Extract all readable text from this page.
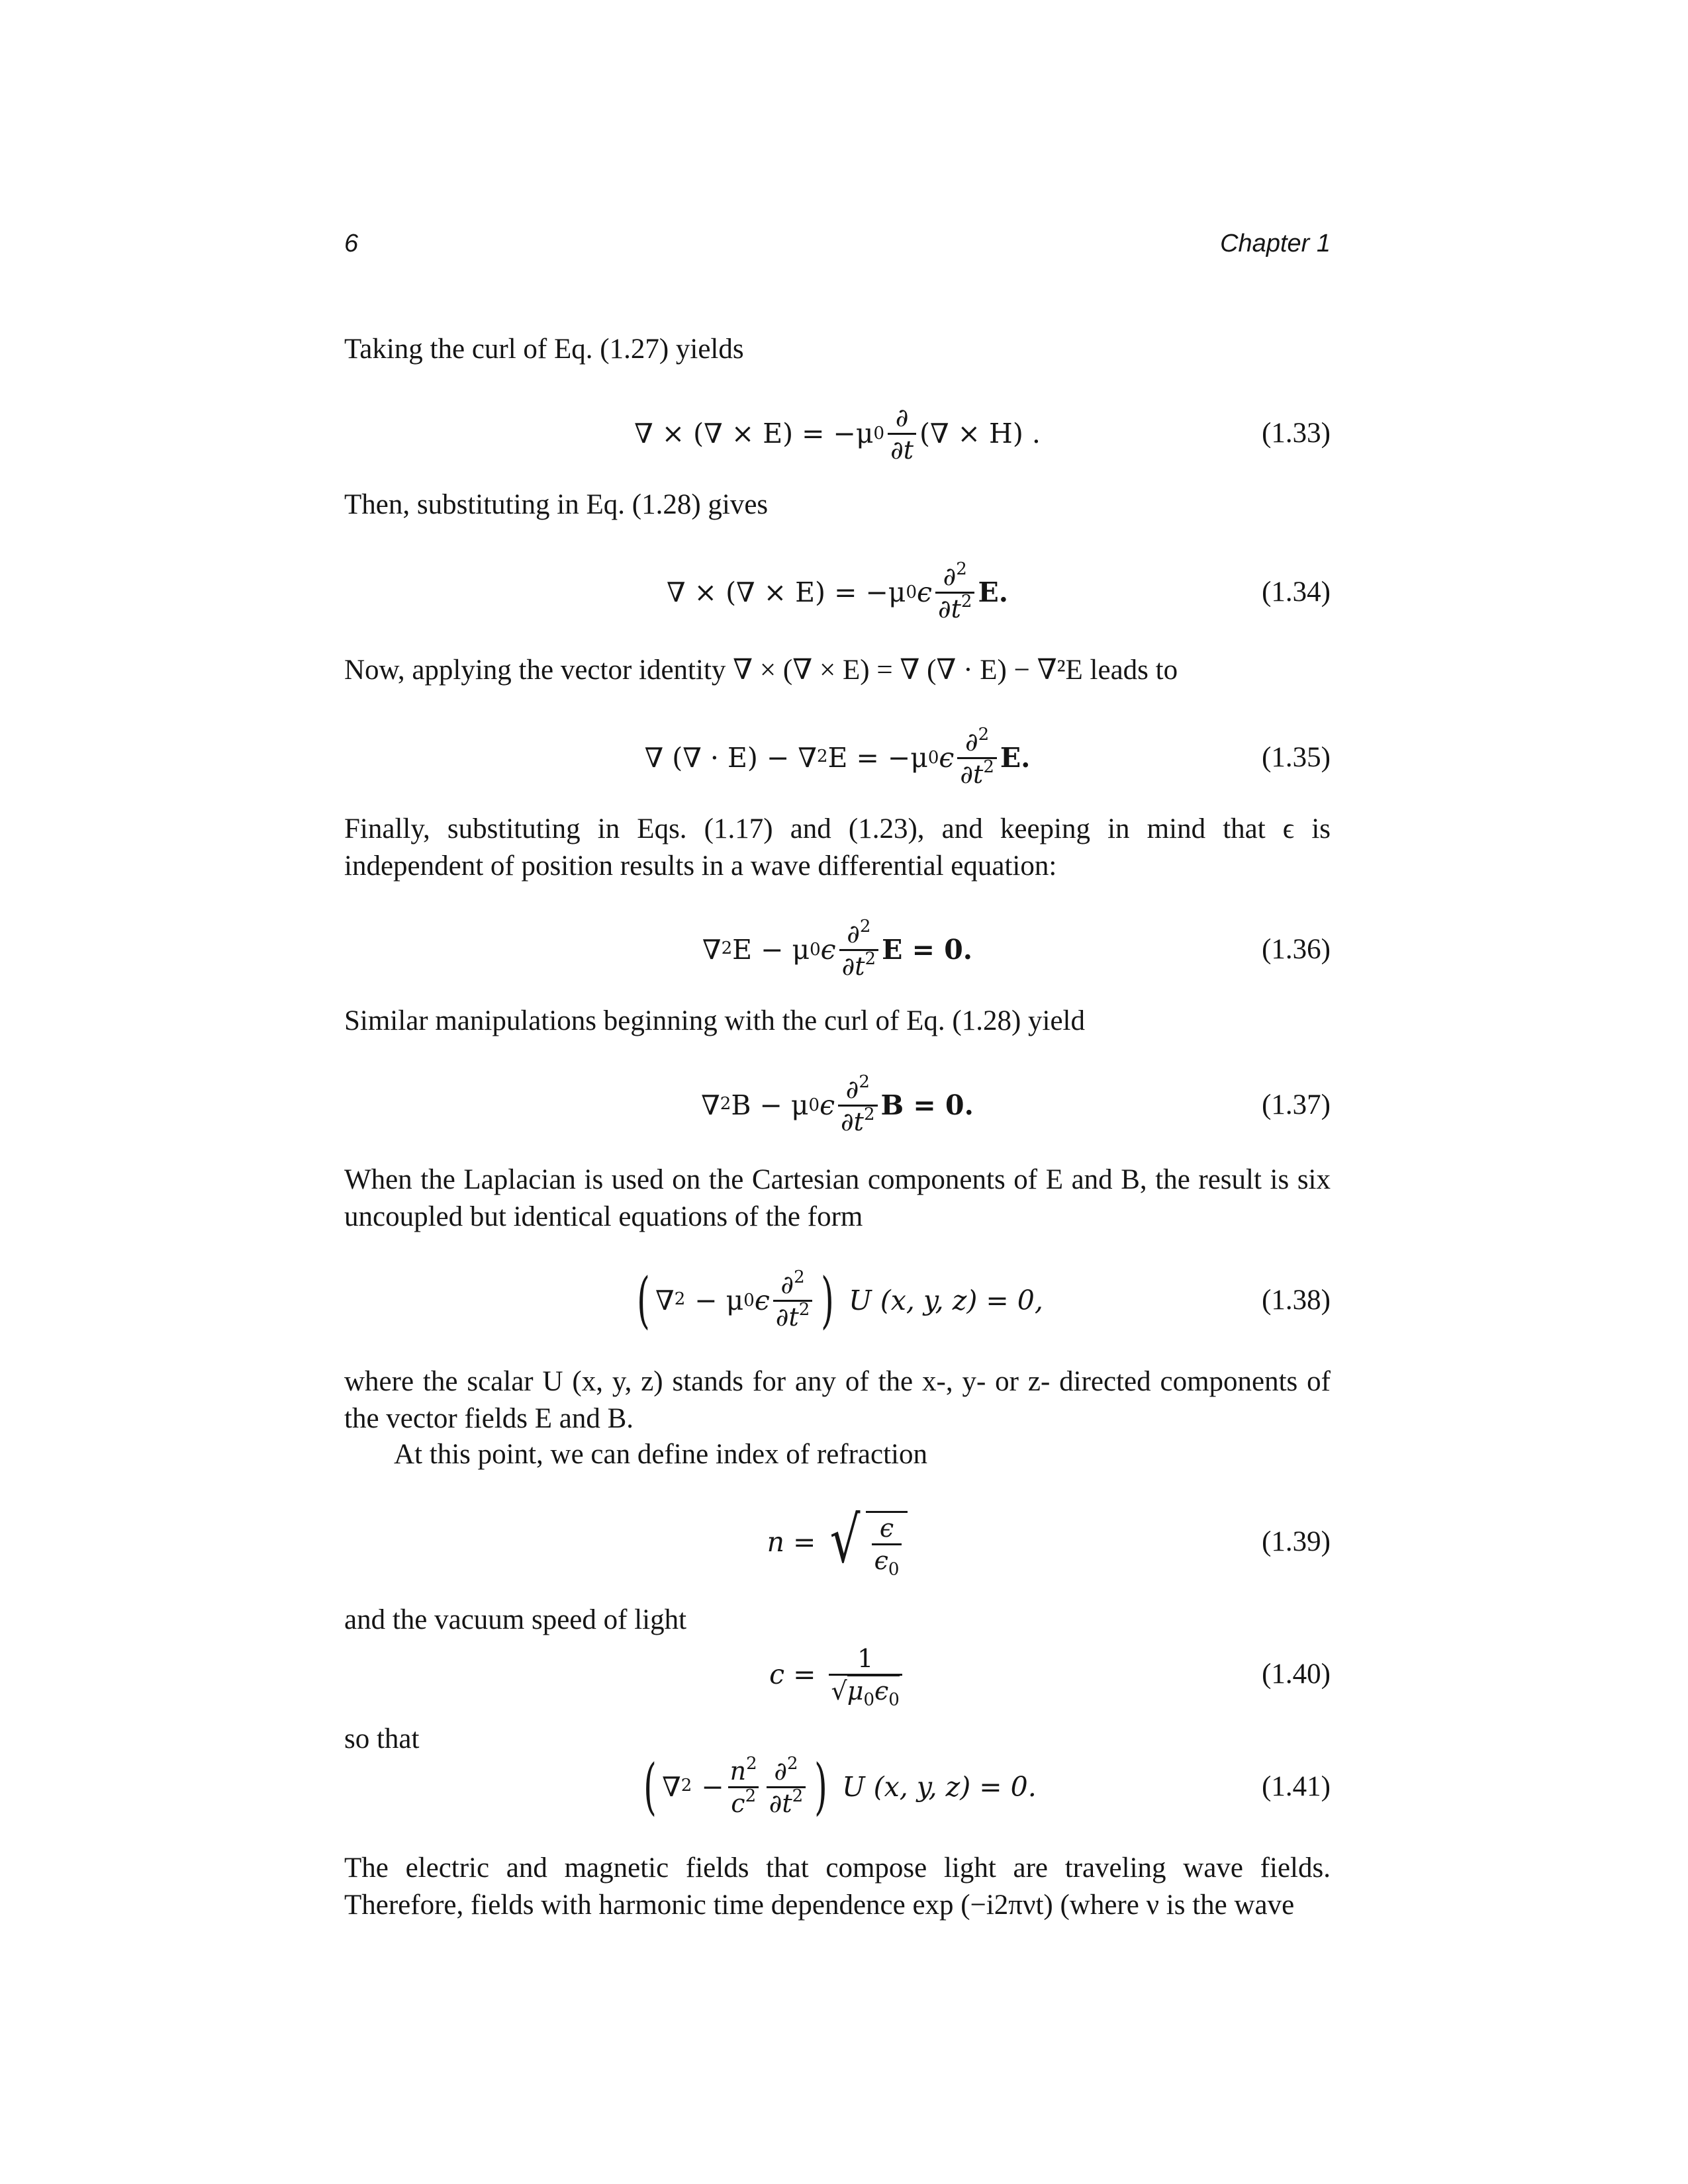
6	Chapter 1
Taking the curl of Eq. (1.27) yields
∇ × (∇ × E) = −μ $0 \frac{\partial}{\partial t}$ (∇ × H) .	(1.33)
Then, substituting in Eq. (1.28) gives
∇ × (∇ × E) = −μ 0 ϵ $\frac{\partial^2}{\partial t^2} E$.	(1.34)
Now, applying the vector identity ∇ × (∇ × E) = ∇ (∇ · E) − ∇²E leads to
∇ (∇ · E) − ∇$^2$ E = −μ 0 ϵ $\frac{\partial^2}{\partial t^2} E$.	(1.35)
Finally, substituting in Eqs. (1.17) and (1.23), and keeping in mind that ϵ is independent of position results in a wave differential equation:
∇$^2$ E − μ 0 ϵ $\frac{\partial^2}{\partial t^2}$ E = 0.	(1.36)
Similar manipulations beginning with the curl of Eq. (1.28) yield
∇$^2$ B − μ 0 ϵ $\frac{\partial^2}{\partial t^2}$ B = 0.	(1.37)
When the Laplacian is used on the Cartesian components of E and B, the result is six uncoupled but identical equations of the form
( ∇$^2$ − μ 0 ϵ $\frac{\partial^2}{\partial t^2}$ ) U (x, y, z) = 0,	(1.38)
where the scalar U (x, y, z) stands for any of the x-, y- or z- directed components of the vector fields E and B.
At this point, we can define index of refraction
n = √ $\frac{\epsilon}{\epsilon_0}$	(1.39)
and the vacuum speed of light
$c = \frac{1}{√\mu_0\epsilon_0}$	(1.40)
so that
( $\nabla^2 - \frac{n^2}{c^2} \frac{\partial^2}{\partial t^2}$ ) U (x, y, z) = 0.	(1.41)
The electric and magnetic fields that compose light are traveling wave fields. Therefore, fields with harmonic time dependence exp (−i2πνt) (where ν is the wave
